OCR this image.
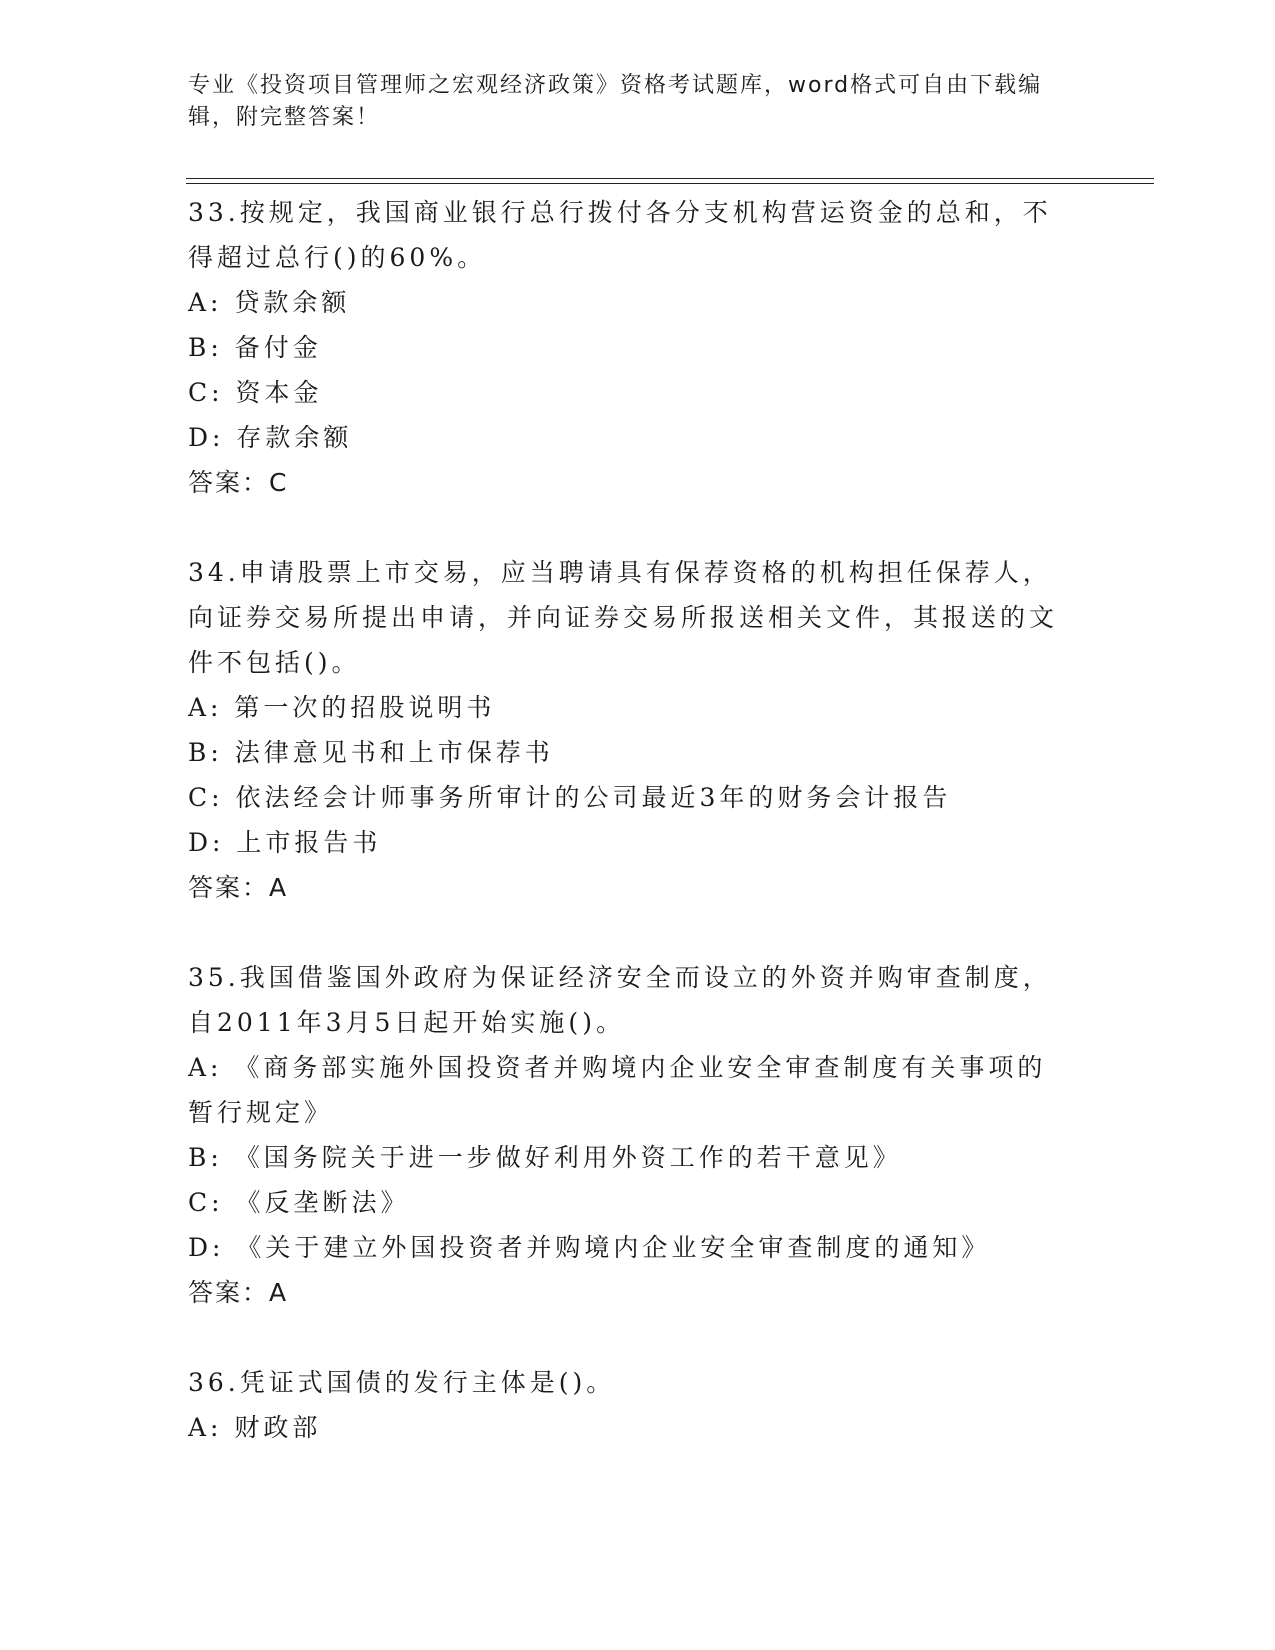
专业《投资项目管理师之宏观经济政策》资格考试题库，word格式可自由下载编辑，附完整答案！

33.按规定，我国商业银行总行拨付各分支机构营运资金的总和，不得超过总行()的60%。

A: 贷款余额

B: 备付金

C: 资本金

D: 存款余额

答案：C

34.申请股票上市交易，应当聘请具有保荐资格的机构担任保荐人，向证券交易所提出申请，并向证券交易所报送相关文件，其报送的文件不包括()。

A: 第一次的招股说明书

B: 法律意见书和上市保荐书

C: 依法经会计师事务所审计的公司最近3年的财务会计报告

D: 上市报告书

答案：A

35.我国借鉴国外政府为保证经济安全而设立的外资并购审查制度，自2011年3月5日起开始实施()。

A: 《商务部实施外国投资者并购境内企业安全审查制度有关事项的暂行规定》

B: 《国务院关于进一步做好利用外资工作的若干意见》

C: 《反垄断法》

D: 《关于建立外国投资者并购境内企业安全审查制度的通知》

答案：A

36.凭证式国债的发行主体是()。

A: 财政部
